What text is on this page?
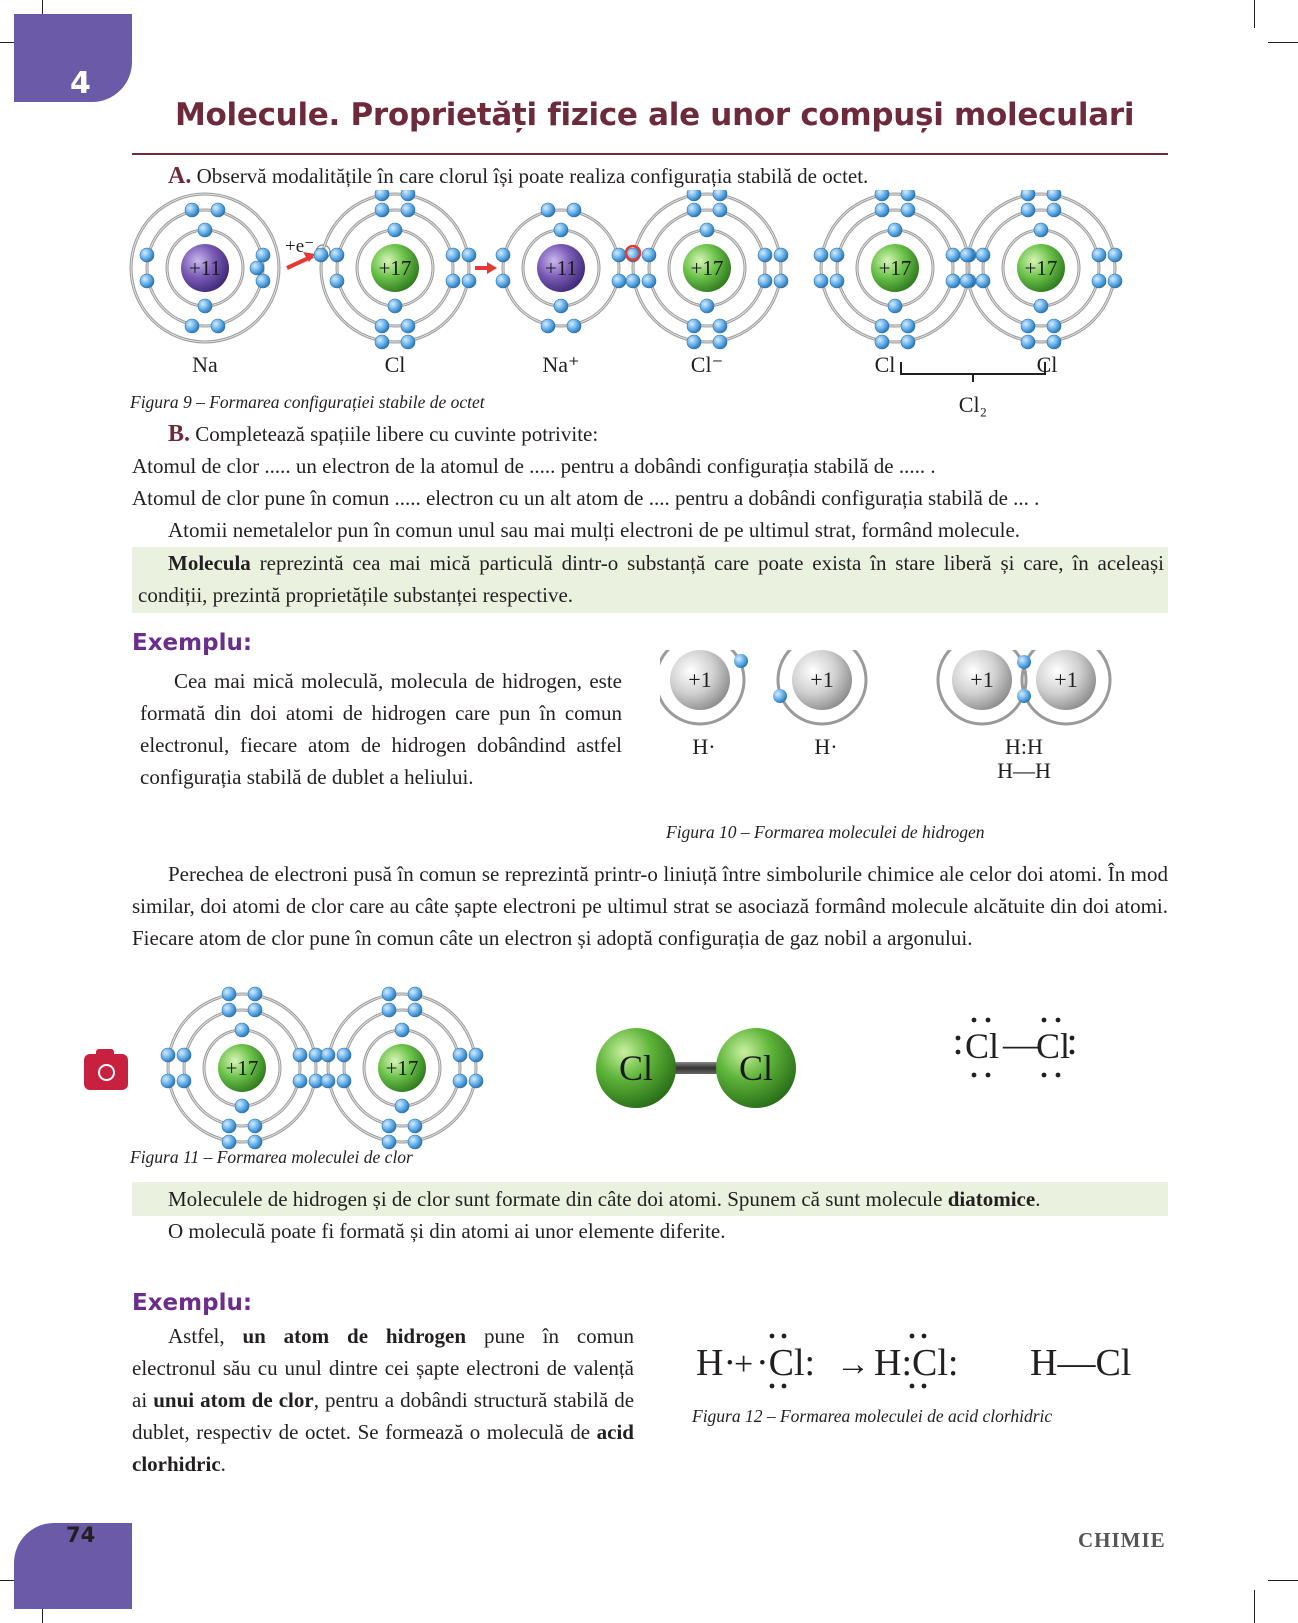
4
Molecule. Proprietăți fizice ale unor compuși moleculari
A. Observă modalitățile în care clorul își poate realiza configurația stabilă de octet.
+11
+e⁻
+17	+11	+17	+17	+17
Na	Cl	Na⁺	Cl⁻	Cl	Cl
Cl₂
Figura 9 – Formarea configurației stabile de octet
B. Completează spațiile libere cu cuvinte potrivite:
Atomul de clor ..... un electron de la atomul de ..... pentru a dobândi configurația stabilă de ..... .
Atomul de clor pune în comun ..... electron cu un alt atom de .... pentru a dobândi configurația stabilă de ... .
Atomii nemetalelor pun în comun unul sau mai mulți electroni de pe ultimul strat, formând molecule.
Molecula reprezintă cea mai mică particulă dintr-o substanță care poate exista în stare liberă și care, în aceleași condiții, prezintă proprietățile substanței respective.
Exemplu:
Cea mai mică moleculă, molecula de hidrogen, este formată din doi atomi de hidrogen care pun în comun electronul, fiecare atom de hidrogen dobândind astfel configurația stabilă de dublet a heliului.
+1	+1	+1	+1
H·	H·	H:H
H—H
Figura 10 – Formarea moleculei de hidrogen
Perechea de electroni pusă în comun se reprezintă printr-o liniuță între simbolurile chimice ale celor doi atomi. În mod similar, doi atomi de clor care au câte șapte electroni pe ultimul strat se asociază formând molecule alcătuite din doi atomi. Fiecare atom de clor pune în comun câte un electron și adoptă configurația de gaz nobil a argonului.
+17	+17	Cl Cl
Cl —
Cl
Figura 11 – Formarea moleculei de clor
Moleculele de hidrogen și de clor sunt formate din câte doi atomi. Spunem că sunt molecule diatomice.
O moleculă poate fi formată și din atomi ai unor elemente diferite.
Exemplu:
Astfel, un atom de hidrogen pune în comun electronul său cu unul dintre cei șapte electroni de valență ai unui atom de clor, pentru a dobândi structură stabilă de dublet, respectiv de octet. Se formează o moleculă de acid clorhidric.
H·
+ ·Cl: → H:Cl: H—Cl
Figura 12 – Formarea moleculei de acid clorhidric
74	CHIMIE
